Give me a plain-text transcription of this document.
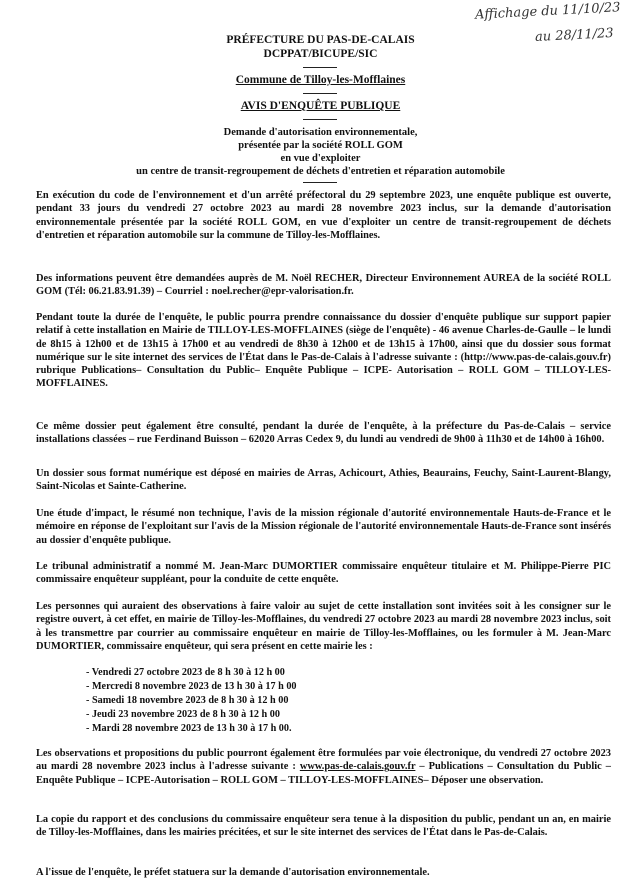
Affichage du 11/10/23
au 28/11/23
PRÉFECTURE DU PAS-DE-CALAIS
DCPPAT/BICUPE/SIC
Commune de Tilloy-les-Mofflaines
AVIS D'ENQUÊTE PUBLIQUE
Demande d'autorisation environnementale,
présentée par la société ROLL GOM
en vue d'exploiter
un centre de transit-regroupement de déchets d'entretien et réparation automobile
En exécution du code de l'environnement et d'un arrêté préfectoral du 29 septembre 2023, une enquête publique est ouverte, pendant 33 jours du vendredi 27 octobre 2023 au mardi 28 novembre 2023 inclus, sur la demande d'autorisation environnementale présentée par la société ROLL GOM, en vue d'exploiter un centre de transit-regroupement de déchets d'entretien et réparation automobile sur la commune de Tilloy-les-Mofflaines.
Des informations peuvent être demandées auprès de M. Noël RECHER, Directeur Environnement AUREA de la société ROLL GOM (Tél: 06.21.83.91.39) – Courriel : noel.recher@epr-valorisation.fr.
Pendant toute la durée de l'enquête, le public pourra prendre connaissance du dossier d'enquête publique sur support papier relatif à cette installation en Mairie de TILLOY-LES-MOFFLAINES (siège de l'enquête) - 46 avenue Charles-de-Gaulle – le lundi de 8h15 à 12h00 et de 13h15 à 17h00 et au vendredi de 8h30 à 12h00 et de 13h15 à 17h00, ainsi que du dossier sous format numérique sur le site internet des services de l'État dans le Pas-de-Calais à l'adresse suivante : (http://www.pas-de-calais.gouv.fr) rubrique Publications– Consultation du Public– Enquête Publique – ICPE- Autorisation – ROLL GOM – TILLOY-LES-MOFFLAINES.
Ce même dossier peut également être consulté, pendant la durée de l'enquête, à la préfecture du Pas-de-Calais – service installations classées – rue Ferdinand Buisson – 62020 Arras Cedex 9, du lundi au vendredi de 9h00 à 11h30 et de 14h00 à 16h00.
Un dossier sous format numérique est déposé en mairies de Arras, Achicourt, Athies, Beaurains, Feuchy, Saint-Laurent-Blangy, Saint-Nicolas et Sainte-Catherine.
Une étude d'impact, le résumé non technique, l'avis de la mission régionale d'autorité environnementale Hauts-de-France et le mémoire en réponse de l'exploitant sur l'avis de la Mission régionale de l'autorité environnementale Hauts-de-France sont insérés au dossier d'enquête publique.
Le tribunal administratif a nommé M. Jean-Marc DUMORTIER commissaire enquêteur titulaire et M. Philippe-Pierre PIC commissaire enquêteur suppléant, pour la conduite de cette enquête.
Les personnes qui auraient des observations à faire valoir au sujet de cette installation sont invitées soit à les consigner sur le registre ouvert, à cet effet, en mairie de Tilloy-les-Mofflaines, du vendredi 27 octobre 2023 au mardi 28 novembre 2023 inclus, soit à les transmettre par courrier au commissaire enquêteur en mairie de Tilloy-les-Mofflaines, ou les formuler à M. Jean-Marc DUMORTIER, commissaire enquêteur, qui sera présent en cette mairie les :
- Vendredi 27 octobre 2023 de 8 h 30 à 12 h 00
- Mercredi 8 novembre 2023 de 13 h 30 à 17 h 00
- Samedi 18 novembre 2023 de 8 h 30 à 12 h 00
- Jeudi 23 novembre 2023 de 8 h 30 à 12 h 00
- Mardi 28 novembre 2023 de 13 h 30 à 17 h 00.
Les observations et propositions du public pourront également être formulées par voie électronique, du vendredi 27 octobre 2023 au mardi 28 novembre 2023 inclus à l'adresse suivante : www.pas-de-calais.gouv.fr – Publications – Consultation du Public – Enquête Publique – ICPE-Autorisation – ROLL GOM – TILLOY-LES-MOFFLAINES– Déposer une observation.
La copie du rapport et des conclusions du commissaire enquêteur sera tenue à la disposition du public, pendant un an, en mairie de Tilloy-les-Mofflaines, dans les mairies précitées, et sur le site internet des services de l'État dans le Pas-de-Calais.
A l'issue de l'enquête, le préfet statuera sur la demande d'autorisation environnementale.
